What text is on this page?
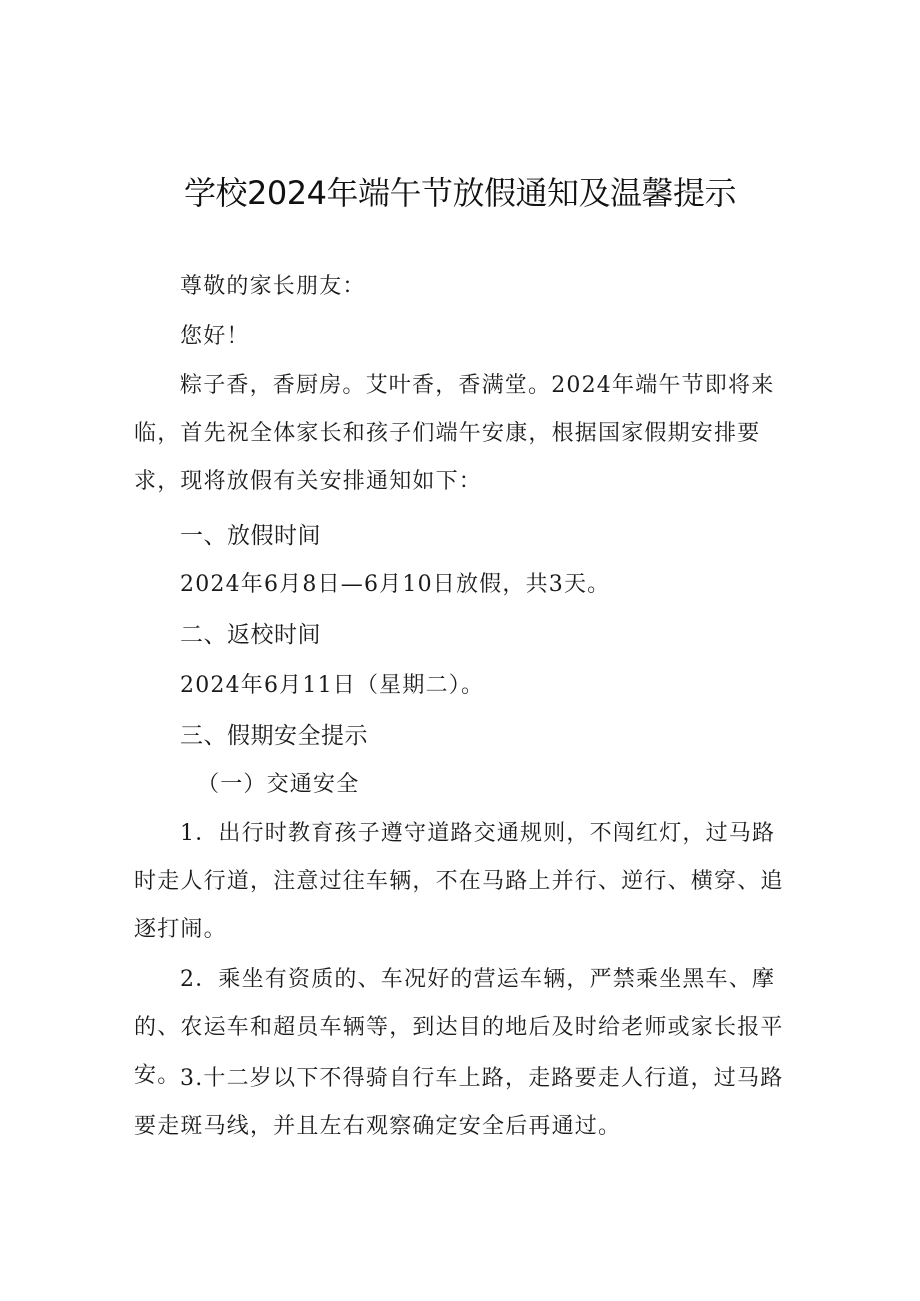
学校2024年端午节放假通知及温馨提示
尊敬的家长朋友：
您好！

粽子香，香厨房。艾叶香，香满堂。2024年端午节即将来临，首先祝全体家长和孩子们端午安康，根据国家假期安排要求，现将放假有关安排通知如下：

一、放假时间
2024年6月8日—6月10日放假，共3天。
二、返校时间
2024年6月11日（星期二）。
三、假期安全提示
（一）交通安全

1．出行时教育孩子遵守道路交通规则，不闯红灯，过马路时走人行道，注意过往车辆，不在马路上并行、逆行、横穿、追逐打闹。

2．乘坐有资质的、车况好的营运车辆，严禁乘坐黑车、摩的、农运车和超员车辆等，到达目的地后及时给老师或家长报平安。 3.十二岁以下不得骑自行车上路，走路要走人行道，过马路要走斑马线，并且左右观察确定安全后再通过。
